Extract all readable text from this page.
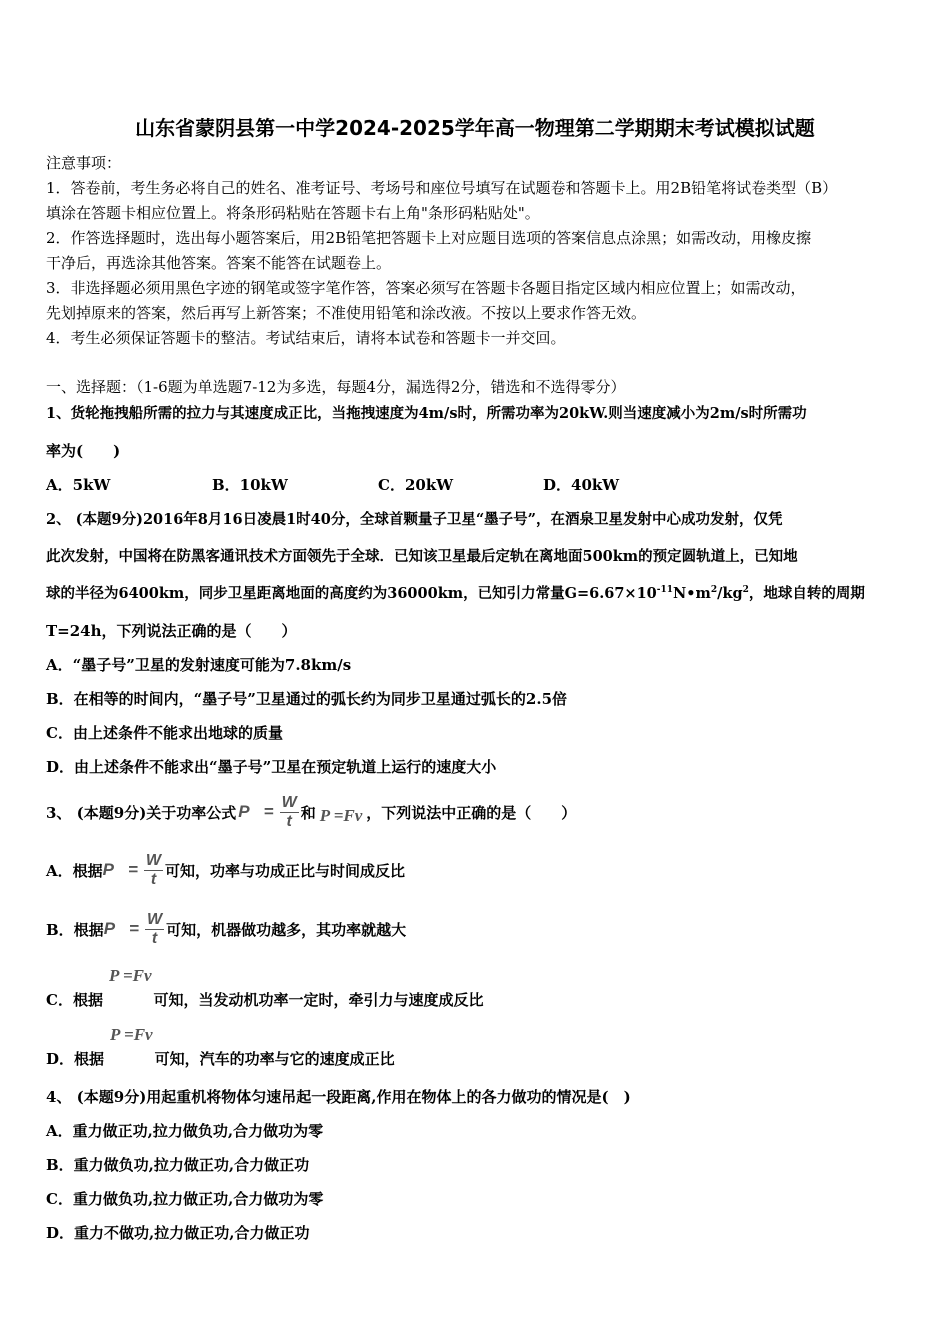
山东省蒙阴县第一中学2024-2025学年高一物理第二学期期末考试模拟试题
注意事项：
1．答卷前，考生务必将自己的姓名、准考证号、考场号和座位号填写在试题卷和答题卡上。用2B铅笔将试卷类型（B）
填涂在答题卡相应位置上。将条形码粘贴在答题卡右上角"条形码粘贴处"。
2．作答选择题时，选出每小题答案后，用2B铅笔把答题卡上对应题目选项的答案信息点涂黑；如需改动，用橡皮擦
干净后，再选涂其他答案。答案不能答在试题卷上。
3．非选择题必须用黑色字迹的钢笔或签字笔作答，答案必须写在答题卡各题目指定区域内相应位置上；如需改动，
先划掉原来的答案，然后再写上新答案；不准使用铅笔和涂改液。不按以上要求作答无效。
4．考生必须保证答题卡的整洁。考试结束后，请将本试卷和答题卡一并交回。
一、选择题：（1-6题为单选题7-12为多选，每题4分，漏选得2分，错选和不选得零分）
1、货轮拖拽船所需的拉力与其速度成正比，当拖拽速度为4m/s时，所需功率为20kW.则当速度减小为2m/s时所需功
率为(　　)
A．5kW	B．10kW	C．20kW	D．40kW
2、 (本题9分)2016年8月16日凌晨1时40分，全球首颗量子卫星“墨子号”，在酒泉卫星发射中心成功发射，仅凭
此次发射，中国将在防黑客通讯技术方面领先于全球．已知该卫星最后定轨在离地面500km的预定圆轨道上，已知地
球的半径为6400km，同步卫星距离地面的高度约为36000km，已知引力常量$G=6.67\times 10^{-11}N•m^2/kg^2$，地球自转的周期
T=24h，下列说法正确的是（　　）
A．“墨子号”卫星的发射速度可能为7.8km/s
B．在相等的时间内，“墨子号”卫星通过的弧长约为同步卫星通过弧长的2.5倍
C．由上述条件不能求出地球的质量
D．由上述条件不能求出“墨子号”卫星在预定轨道上运行的速度大小
3、 (本题9分)关于功率公式 $P = \frac{W}{t}$ 和 P =Fv ，下列说法中正确的是（　　）
A．根据 $P = \frac{W}{t}$ 可知，功率与功成正比与时间成反比
B．根据 $P = \frac{W}{t}$ 可知，机器做功越多，其功率就越大
C．根据
P =Fv
可知，当发动机功率一定时，牵引力与速度成反比
D．根据
P =Fv
可知，汽车的功率与它的速度成正比
4、 (本题9分)用起重机将物体匀速吊起一段距离,作用在物体上的各力做功的情况是(　)
A．重力做正功,拉力做负功,合力做功为零
B．重力做负功,拉力做正功,合力做正功
C．重力做负功,拉力做正功,合力做功为零
D．重力不做功,拉力做正功,合力做正功
